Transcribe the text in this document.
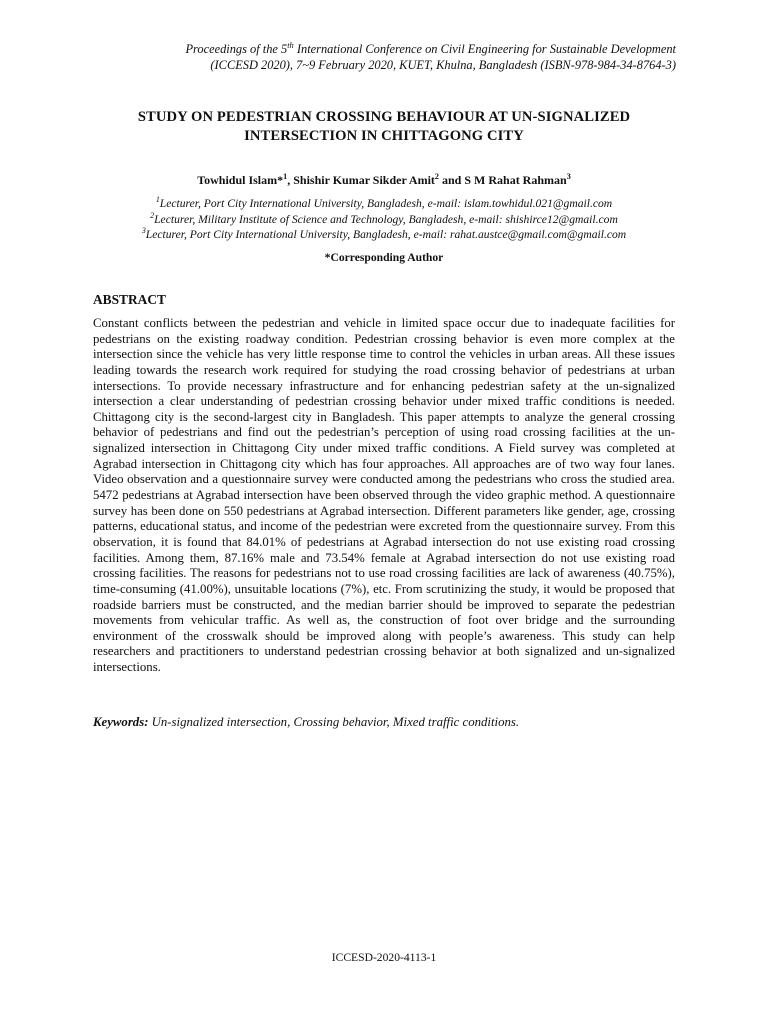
Proceedings of the 5th International Conference on Civil Engineering for Sustainable Development
(ICCESD 2020), 7~9 February 2020, KUET, Khulna, Bangladesh (ISBN-978-984-34-8764-3)
STUDY ON PEDESTRIAN CROSSING BEHAVIOUR AT UN-SIGNALIZED
INTERSECTION IN CHITTAGONG CITY
Towhidul Islam*$^1$, Shishir Kumar Sikder Amit$^2$ and S M Rahat Rahman$^3$
$^1$Lecturer, Port City International University, Bangladesh, e-mail: islam.towhidul.021@gmail.com
$^2$Lecturer, Military Institute of Science and Technology, Bangladesh, e-mail: shishirce12@gmail.com
$^3$Lecturer, Port City International University, Bangladesh, e-mail: rahat.austce@gmail.com@gmail.com
*Corresponding Author
ABSTRACT
Constant conflicts between the pedestrian and vehicle in limited space occur due to inadequate facilities for pedestrians on the existing roadway condition. Pedestrian crossing behavior is even more complex at the intersection since the vehicle has very little response time to control the vehicles in urban areas. All these issues leading towards the research work required for studying the road crossing behavior of pedestrians at urban intersections. To provide necessary infrastructure and for enhancing pedestrian safety at the un-signalized intersection a clear understanding of pedestrian crossing behavior under mixed traffic conditions is needed. Chittagong city is the second-largest city in Bangladesh. This paper attempts to analyze the general crossing behavior of pedestrians and find out the pedestrian’s perception of using road crossing facilities at the un-signalized intersection in Chittagong City under mixed traffic conditions. A Field survey was completed at Agrabad intersection in Chittagong city which has four approaches. All approaches are of two way four lanes. Video observation and a questionnaire survey were conducted among the pedestrians who cross the studied area. 5472 pedestrians at Agrabad intersection have been observed through the video graphic method. A questionnaire survey has been done on 550 pedestrians at Agrabad intersection. Different parameters like gender, age, crossing patterns, educational status, and income of the pedestrian were excreted from the questionnaire survey. From this observation, it is found that 84.01% of pedestrians at Agrabad intersection do not use existing road crossing facilities. Among them, 87.16% male and 73.54% female at Agrabad intersection do not use existing road crossing facilities. The reasons for pedestrians not to use road crossing facilities are lack of awareness (40.75%), time-consuming (41.00%), unsuitable locations (7%), etc. From scrutinizing the study, it would be proposed that roadside barriers must be constructed, and the median barrier should be improved to separate the pedestrian movements from vehicular traffic. As well as, the construction of foot over bridge and the surrounding environment of the crosswalk should be improved along with people’s awareness. This study can help researchers and practitioners to understand pedestrian crossing behavior at both signalized and un-signalized intersections.
Keywords: Un-signalized intersection, Crossing behavior, Mixed traffic conditions.
ICCESD-2020-4113-1
